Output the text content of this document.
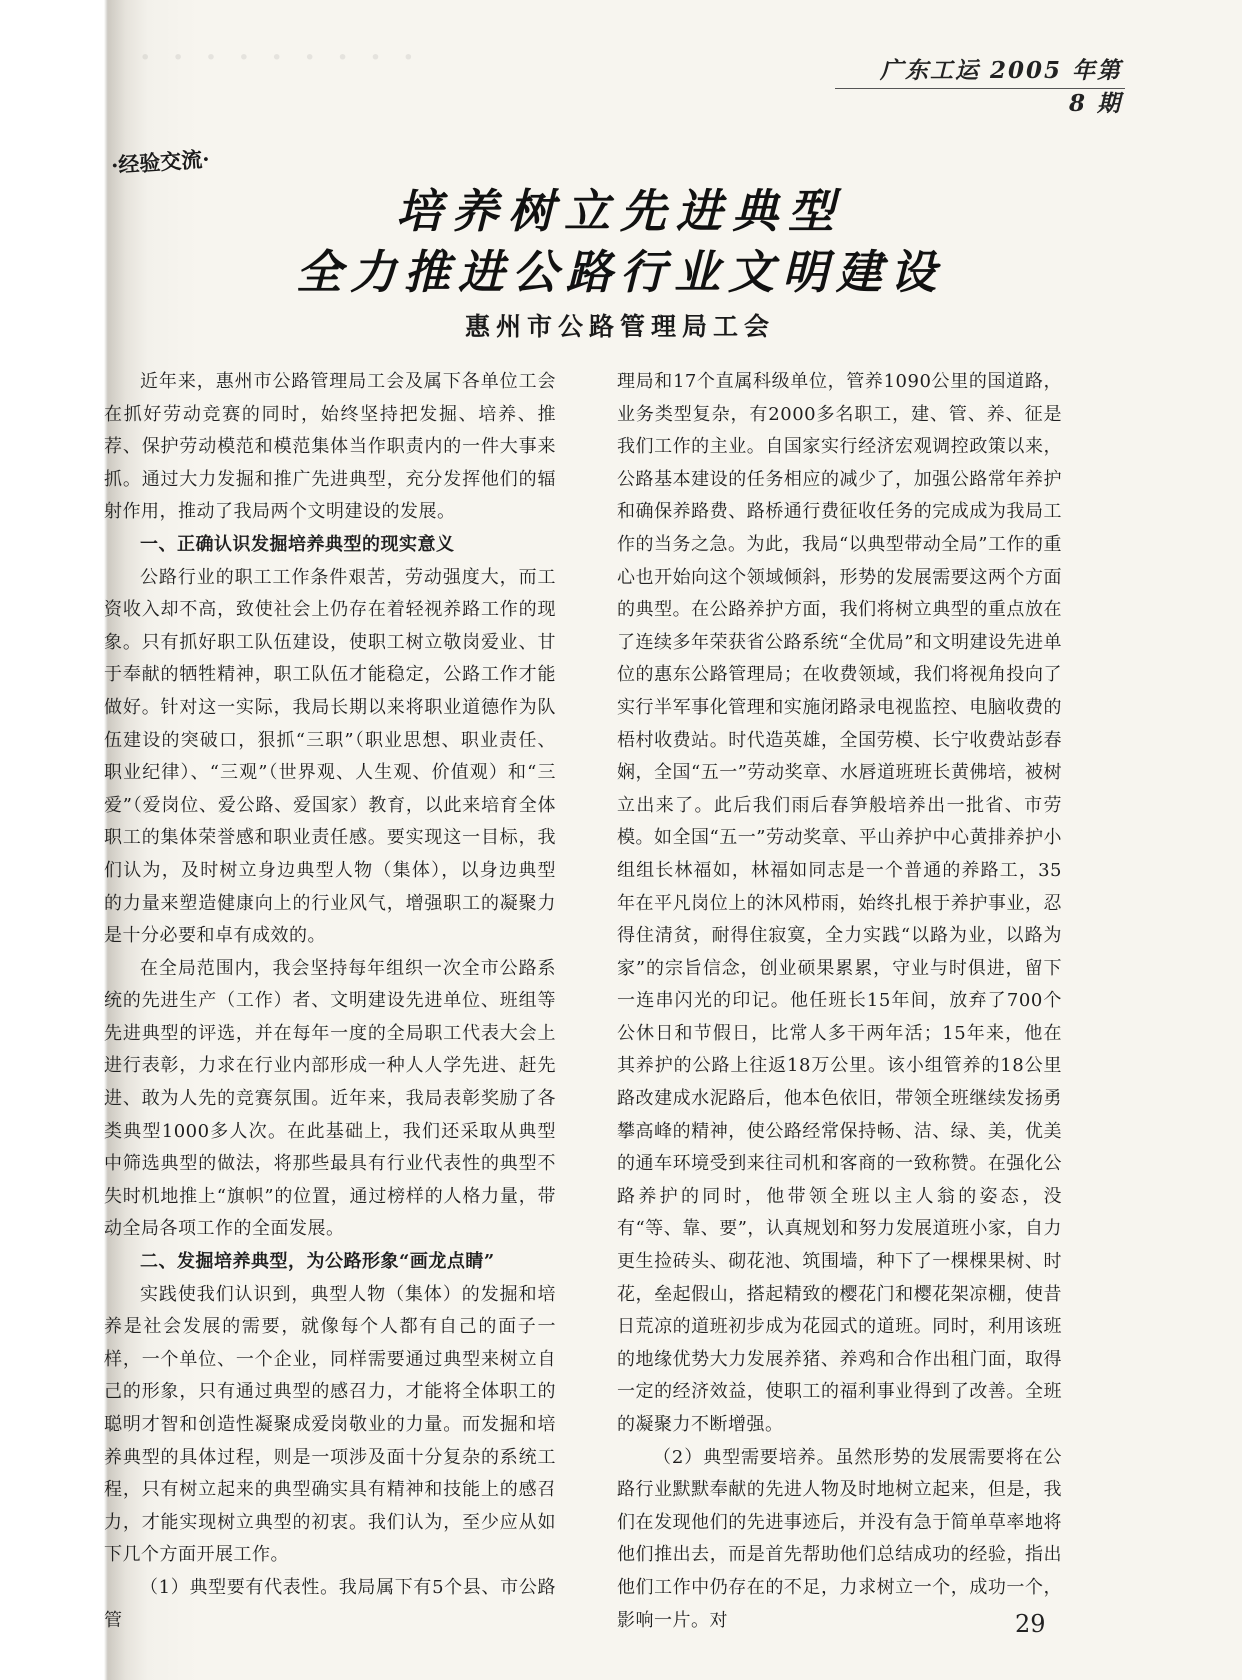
· · · · · · · · ·	广东工运 2005 年第 8 期
·经验交流·
培养树立先进典型
全力推进公路行业文明建设
惠州市公路管理局工会

近年来，惠州市公路管理局工会及属下各单位工会在抓好劳动竞赛的同时，始终坚持把发掘、培养、推荐、保护劳动模范和模范集体当作职责内的一件大事来抓。通过大力发掘和推广先进典型，充分发挥他们的辐射作用，推动了我局两个文明建设的发展。

一、正确认识发掘培养典型的现实意义

公路行业的职工工作条件艰苦，劳动强度大，而工资收入却不高，致使社会上仍存在着轻视养路工作的现象。只有抓好职工队伍建设，使职工树立敬岗爱业、甘于奉献的牺牲精神，职工队伍才能稳定，公路工作才能做好。针对这一实际，我局长期以来将职业道德作为队伍建设的突破口，狠抓“三职”（职业思想、职业责任、职业纪律）、“三观”（世界观、人生观、价值观）和“三爱”（爱岗位、爱公路、爱国家）教育，以此来培育全体职工的集体荣誉感和职业责任感。要实现这一目标，我们认为，及时树立身边典型人物（集体），以身边典型的力量来塑造健康向上的行业风气，增强职工的凝聚力是十分必要和卓有成效的。

在全局范围内，我会坚持每年组织一次全市公路系统的先进生产（工作）者、文明建设先进单位、班组等先进典型的评选，并在每年一度的全局职工代表大会上进行表彰，力求在行业内部形成一种人人学先进、赶先进、敢为人先的竞赛氛围。近年来，我局表彰奖励了各类典型1000多人次。在此基础上，我们还采取从典型中筛选典型的做法，将那些最具有行业代表性的典型不失时机地推上“旗帜”的位置，通过榜样的人格力量，带动全局各项工作的全面发展。

二、发掘培养典型，为公路形象“画龙点睛”

实践使我们认识到，典型人物（集体）的发掘和培养是社会发展的需要，就像每个人都有自己的面子一样，一个单位、一个企业，同样需要通过典型来树立自己的形象，只有通过典型的感召力，才能将全体职工的聪明才智和创造性凝聚成爱岗敬业的力量。而发掘和培养典型的具体过程，则是一项涉及面十分复杂的系统工程，只有树立起来的典型确实具有精神和技能上的感召力，才能实现树立典型的初衷。我们认为，至少应从如下几个方面开展工作。

（1）典型要有代表性。我局属下有5个县、市公路管

理局和17个直属科级单位，管养1090公里的国道路，业务类型复杂，有2000多名职工，建、管、养、征是我们工作的主业。自国家实行经济宏观调控政策以来，公路基本建设的任务相应的减少了，加强公路常年养护和确保养路费、路桥通行费征收任务的完成成为我局工作的当务之急。为此，我局“以典型带动全局”工作的重心也开始向这个领域倾斜，形势的发展需要这两个方面的典型。在公路养护方面，我们将树立典型的重点放在了连续多年荣获省公路系统“全优局”和文明建设先进单位的惠东公路管理局；在收费领域，我们将视角投向了实行半军事化管理和实施闭路录电视监控、电脑收费的梧村收费站。时代造英雄，全国劳模、长宁收费站彭春娴，全国“五一”劳动奖章、水唇道班班长黄佛培，被树立出来了。此后我们雨后春笋般培养出一批省、市劳模。如全国“五一”劳动奖章、平山养护中心黄排养护小组组长林福如，林福如同志是一个普通的养路工，35年在平凡岗位上的沐风栉雨，始终扎根于养护事业，忍得住清贫，耐得住寂寞，全力实践“以路为业，以路为家”的宗旨信念，创业硕果累累，守业与时俱进，留下一连串闪光的印记。他任班长15年间，放弃了700个公休日和节假日，比常人多干两年活；15年来，他在其养护的公路上往返18万公里。该小组管养的18公里路改建成水泥路后，他本色依旧，带领全班继续发扬勇攀高峰的精神，使公路经常保持畅、洁、绿、美，优美的通车环境受到来往司机和客商的一致称赞。在强化公路养护的同时，他带领全班以主人翁的姿态，没有“等、靠、要”，认真规划和努力发展道班小家，自力更生捡砖头、砌花池、筑围墙，种下了一棵棵果树、时花，垒起假山，搭起精致的樱花门和樱花架凉棚，使昔日荒凉的道班初步成为花园式的道班。同时，利用该班的地缘优势大力发展养猪、养鸡和合作出租门面，取得一定的经济效益，使职工的福利事业得到了改善。全班的凝聚力不断增强。

（2）典型需要培养。虽然形势的发展需要将在公路行业默默奉献的先进人物及时地树立起来，但是，我们在发现他们的先进事迹后，并没有急于简单草率地将他们推出去，而是首先帮助他们总结成功的经验，指出他们工作中仍存在的不足，力求树立一个，成功一个，影响一片。对	29
